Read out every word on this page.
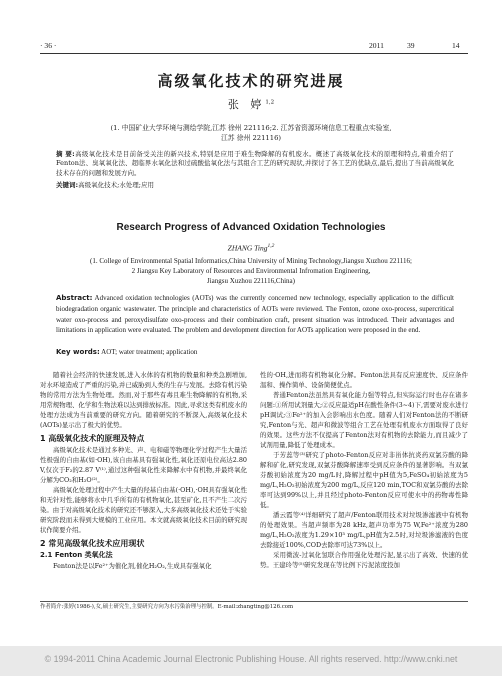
· 36 ·	2011	39	14
高级氧化技术的研究进展
张 婷$^{1,2}$
(1. 中国矿业大学环境与测绘学院,江苏 徐州 221116;2. 江苏省资源环境信息工程重点实验室,
江苏 徐州 221116)
摘 要:高级氧化技术是目前备受关注的新兴技术,特别是应用于难生物降解的有机废水。概述了高级氧化技术的原理和特点,着重介绍了Fenton法、臭氧氧化法、超临界水氧化法和过硫酸盐氧化法与其组合工艺的研究现状,并探讨了各工艺的优缺点,最后,提出了当前高级氧化技术存在的问题和发展方向。
关键词:高级氧化技术;水处理;应用
Research Progress of Advanced Oxidation Technologies
ZHANG Ting$^{1,2}$
(1. College of Environmental Spatial Informatics,China University of Mining Technology,Jiangsu Xuzhou 221116;
2 Jiangsu Key Laboratory of Resources and Environmental Infromation Engineering,
Jiangsu Xuzhou 221116,China)
Abstract: Advanced oxidation technologies (AOTs) was the currently concerned new technology, especially application to the difficult biodegradation organic wastewater. The principle and characteristics of AOTs were reviewed. The Fenton, ozone oxo-process, supercritical water oxo-process and peroxydisulfate oxo-process and their combination craft, present situation was introduced. Their advantages and limitations in application were evaluated. The problem and development direction for AOTs application were proposed in the end.
Key words: AOT; water treatment; application
随着社会经济的快速发展,进入水体的有机物的数量和种类急剧增加,对水环境造成了严重的污染,并已威胁到人类的生存与发展。去除有机污染物的常用方法为生物处理。然而,对于那些有毒且难生物降解的有机物,采用常规物理、化学和生物法难以达到排放标准。因此,寻求这类有机废水的处理方法成为当前重要的研究方向。随着研究的不断深入,高级氧化技术(AOTs)显示出了极大的优势。
1 高级氧化技术的原理及特点
高级氧化技术是通过多种光、声、电和磁等物理化学过程产生大量活性极强的自由基(如·OH),该自由基具有强氧化性,氧化还原电位高达2.80 V,仅次于F₂的2.87 V⁽¹⁾,通过这种强氧化性来降解水中有机物,并最终氧化分解为CO₂和H₂O⁽²⁾。
高级氧化处理过程中产生大量的羟基自由基(·OH),·OH具有强氧化性和无针对性,能够将水中几乎所有的有机物氧化,甚至矿化,且不产生二次污染。由于对高级氧化技术的研究还不够深入,大多高级氧化技术还处于实验研究阶段而未得到大规模的工业应用。本文就高级氧化技术目前的研究现状作简要介绍。
2 常见高级氧化技术应用现状
2.1 Fenton 类氧化法
Fenton法是以Fe²⁺为催化剂,催化H₂O₂,生成具有强氧化
性的·OH,进而将有机物氧化分解。Fenton法具有反应速度快、反应条件温和、操作简单、设备简便优点。
普通Fenton法虽然具有氧化能力强等特点,但实际运行时也存在诸多问题:①所用试剂量大;②反应最适pH在酸性条件(3~4)下,需要对废水进行pH调试;③Fe²⁺的加入会影响出水色度。随着人们对Fenton法的不断研究,Fenton与光、超声和微波等组合工艺在处理有机废水方面取得了良好的效果。这些方法不仅提高了Fenton法对有机物的去除能力,而且减少了试剂用量,降低了处理成本。
于芳蕊等⁽³⁾研究了photo-Fenton反应对非甾体抗炎药双氯芬酸的降解和矿化,研究发现,双氯芬酸降解速率受到反应条件的显著影响。当双氯芬酸初始浓度为20 mg/L时,降解过程中pH值为5,FeSO₄初始浓度为5 mg/L,H₂O₂初始浓度为200 mg/L,反应120 min,TOC和双氯芬酸的去除率可达到99%以上,并且经过photo-Fenton反应可使水中的药物毒性降低。
潘云霞等⁽⁴⁾详细研究了超声/Fenton联用技术对垃圾渗滤液中有机物的处理效果。当超声频率为28 kHz,超声功率为75 W,Fe²⁺浓度为280 mg/L,H₂O₂浓度为1.29×10³ mg/L,pH值为2.5时,对垃圾渗滤液的色度去除接近100%,COD去除率可达73%以上。
采用微波-过氧化氢联合作用强化处理污泥,显示出了高效、快速的优势。王建玲等⁽⁵⁾研究发现在等比例下污泥浓度投加
作者简介:张婷(1986-),女,硕士研究生,主要研究方向为水污染治理与控制。E-mail:zhangting@126.com
© 1994-2011 China Academic Journal Electronic Publishing House. All rights reserved. http://www.cnki.net
